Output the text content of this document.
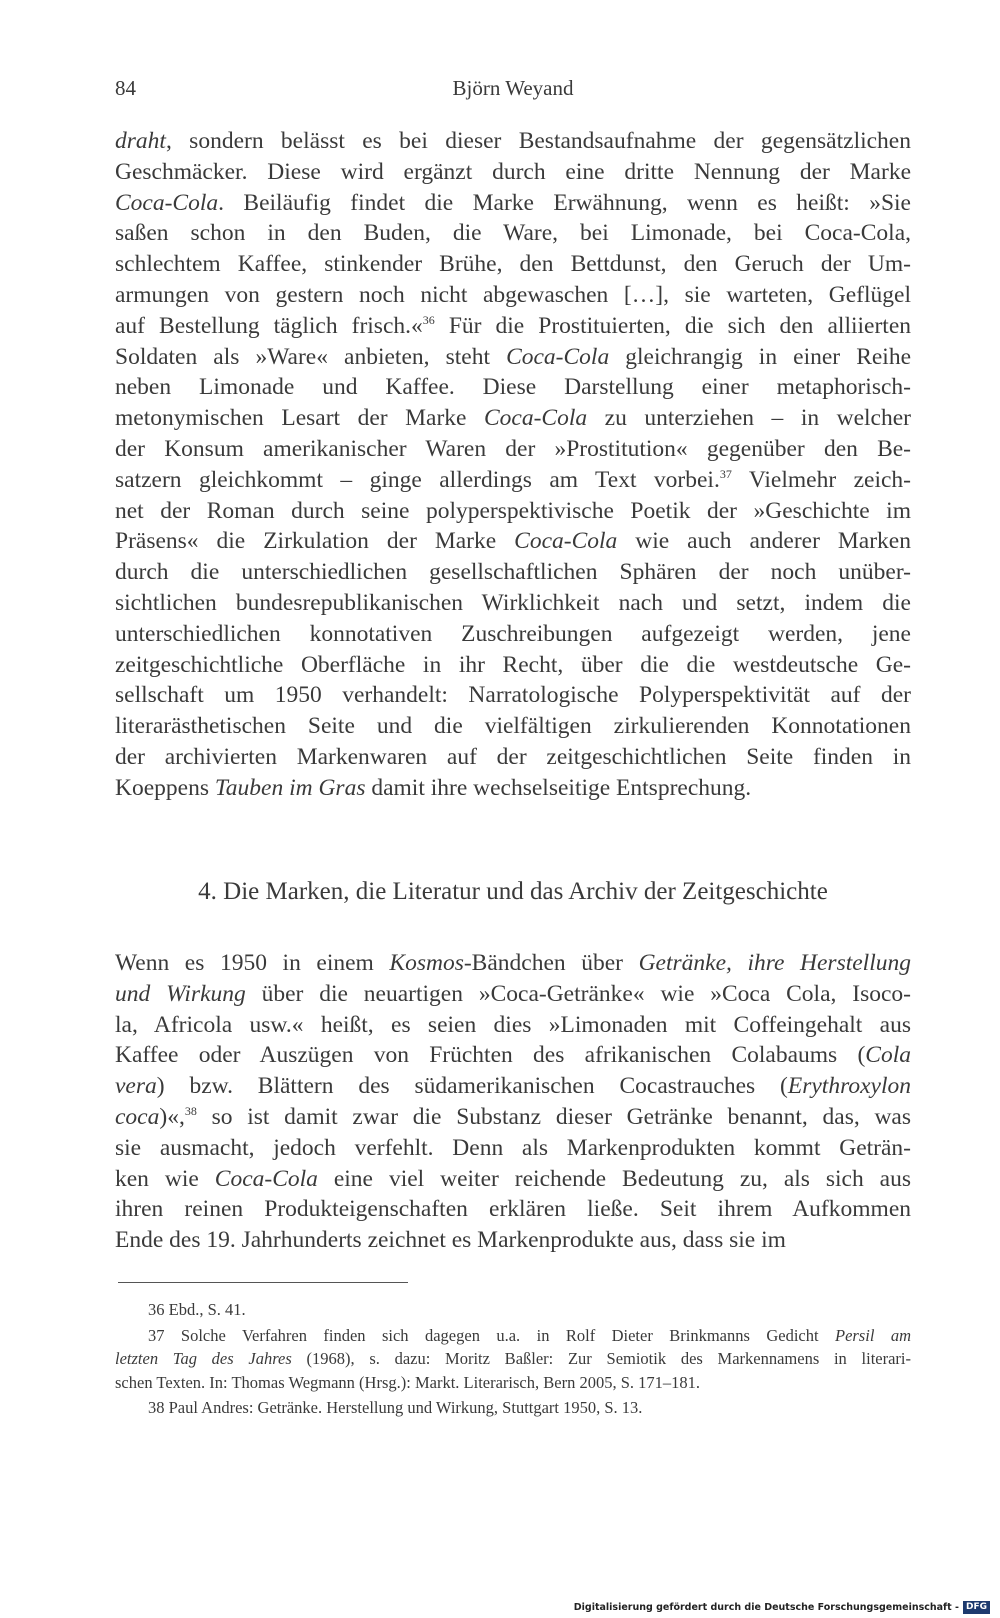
84	Björn Weyand
draht, sondern belässt es bei dieser Bestandsaufnahme der gegensätzlichen
Geschmäcker. Diese wird ergänzt durch eine dritte Nennung der Marke
Coca-Cola. Beiläufig findet die Marke Erwähnung, wenn es heißt: »Sie
saßen schon in den Buden, die Ware, bei Limonade, bei Coca-Cola,
schlechtem Kaffee, stinkender Brühe, den Bettdunst, den Geruch der Um-
armungen von gestern noch nicht abgewaschen […], sie warteten, Geflügel
auf Bestellung täglich frisch.«$^{36}$ Für die Prostituierten, die sich den alliierten
Soldaten als »Ware« anbieten, steht Coca-Cola gleichrangig in einer Reihe
neben Limonade und Kaffee. Diese Darstellung einer metaphorisch-
metonymischen Lesart der Marke Coca-Cola zu unterziehen – in welcher
der Konsum amerikanischer Waren der »Prostitution« gegenüber den Be-
satzern gleichkommt – ginge allerdings am Text vorbei.$^{37}$ Vielmehr zeich-
net der Roman durch seine polyperspektivische Poetik der »Geschichte im
Präsens« die Zirkulation der Marke Coca-Cola wie auch anderer Marken
durch die unterschiedlichen gesellschaftlichen Sphären der noch unüber-
sichtlichen bundesrepublikanischen Wirklichkeit nach und setzt, indem die
unterschiedlichen konnotativen Zuschreibungen aufgezeigt werden, jene
zeitgeschichtliche Oberfläche in ihr Recht, über die die westdeutsche Ge-
sellschaft um 1950 verhandelt: Narratologische Polyperspektivität auf der
literarästhetischen Seite und die vielfältigen zirkulierenden Konnotationen
der archivierten Markenwaren auf der zeitgeschichtlichen Seite finden in
Koeppens Tauben im Gras damit ihre wechselseitige Entsprechung.
4. Die Marken, die Literatur und das Archiv der Zeitgeschichte
Wenn es 1950 in einem Kosmos-Bändchen über Getränke, ihre Herstellung
und Wirkung über die neuartigen »Coca-Getränke« wie »Coca Cola, Isoco-
la, Africola usw.« heißt, es seien dies »Limonaden mit Coffeingehalt aus
Kaffee oder Auszügen von Früchten des afrikanischen Colabaums (Cola
vera) bzw. Blättern des südamerikanischen Cocastrauches (Erythroxylon
coca)«,$^{38}$ so ist damit zwar die Substanz dieser Getränke benannt, das, was
sie ausmacht, jedoch verfehlt. Denn als Markenprodukten kommt Geträn-
ken wie Coca-Cola eine viel weiter reichende Bedeutung zu, als sich aus
ihren reinen Produkteigenschaften erklären ließe. Seit ihrem Aufkommen
Ende des 19. Jahrhunderts zeichnet es Markenprodukte aus, dass sie im
36 Ebd., S. 41.
37 Solche Verfahren finden sich dagegen u.a. in Rolf Dieter Brinkmanns Gedicht Persil am
letzten Tag des Jahres (1968), s. dazu: Moritz Baßler: Zur Semiotik des Markennamens in literari-
schen Texten. In: Thomas Wegmann (Hrsg.): Markt. Literarisch, Bern 2005, S. 171–181.
38 Paul Andres: Getränke. Herstellung und Wirkung, Stuttgart 1950, S. 13.
Digitalisierung gefördert durch die Deutsche Forschungsgemeinschaft - DFG
